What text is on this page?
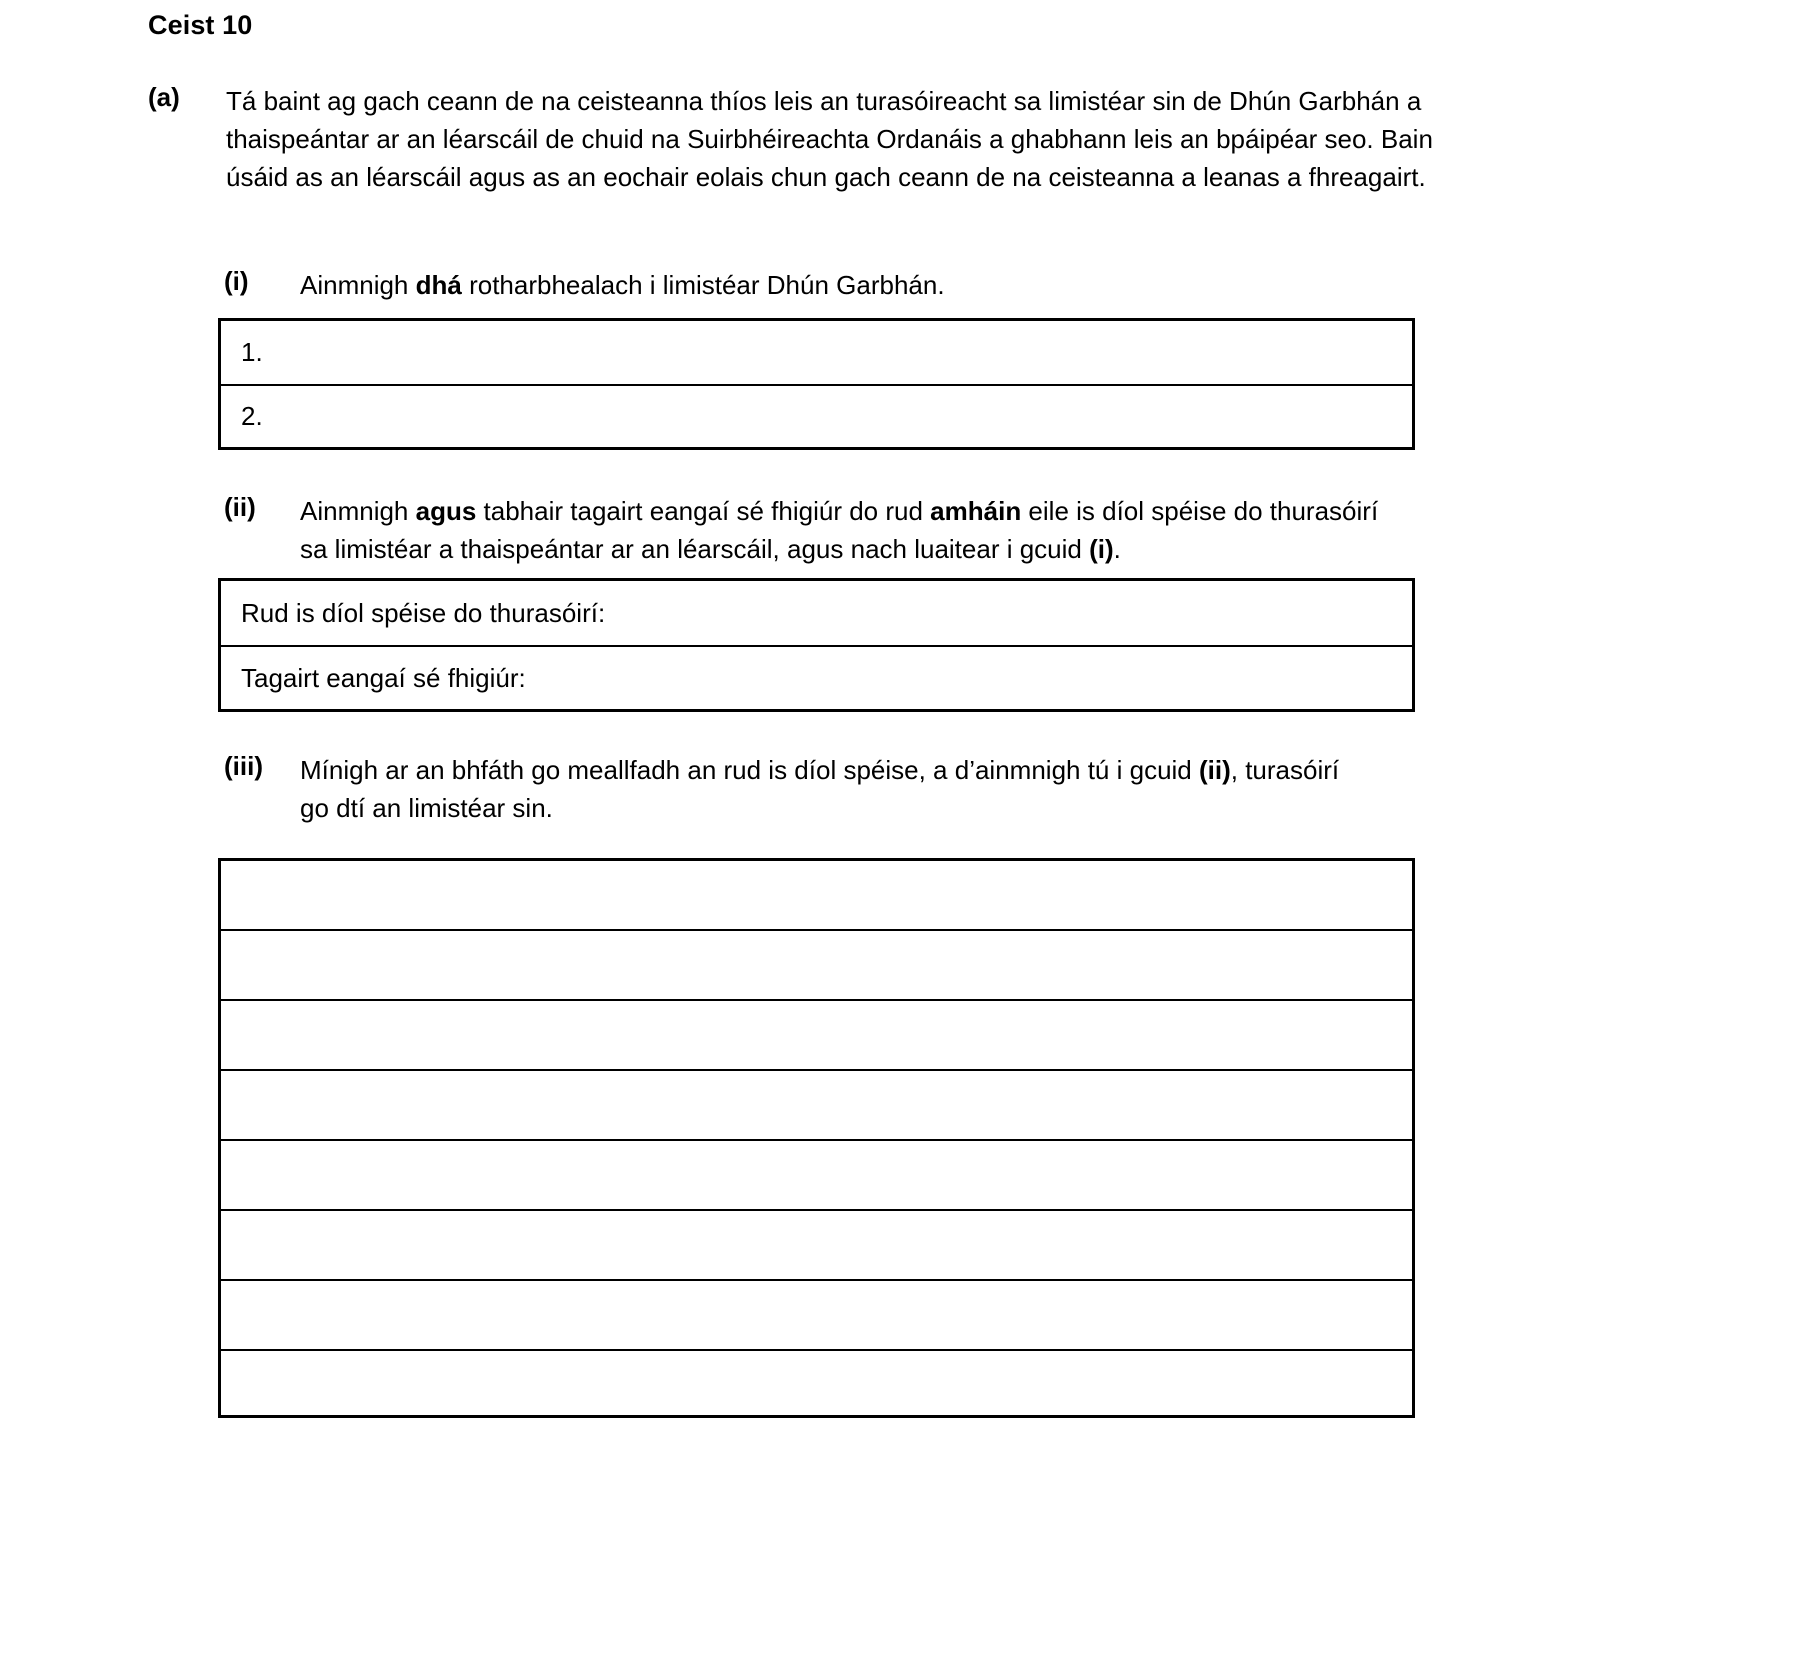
Ceist 10
(a)	Tá baint ag gach ceann de na ceisteanna thíos leis an turasóireacht sa limistéar sin de Dhún Garbhán a thaispeántar ar an léarscáil de chuid na Suirbhéireachta Ordanáis a ghabhann leis an bpáipéar seo. Bain úsáid as an léarscáil agus as an eochair eolais chun gach ceann de na ceisteanna a leanas a fhreagairt.
(i)	Ainmnigh dhá rotharbhealach i limistéar Dhún Garbhán.
1.
2.
(ii)	Ainmnigh agus tabhair tagairt eangaí sé fhigiúr do rud amháin eile is díol spéise do thurasóirí sa limistéar a thaispeántar ar an léarscáil, agus nach luaitear i gcuid (i).
Rud is díol spéise do thurasóirí:
Tagairt eangaí sé fhigiúr:
(iii)	Mínigh ar an bhfáth go meallfadh an rud is díol spéise, a d’ainmnigh tú i gcuid (ii), turasóirí go dtí an limistéar sin.
